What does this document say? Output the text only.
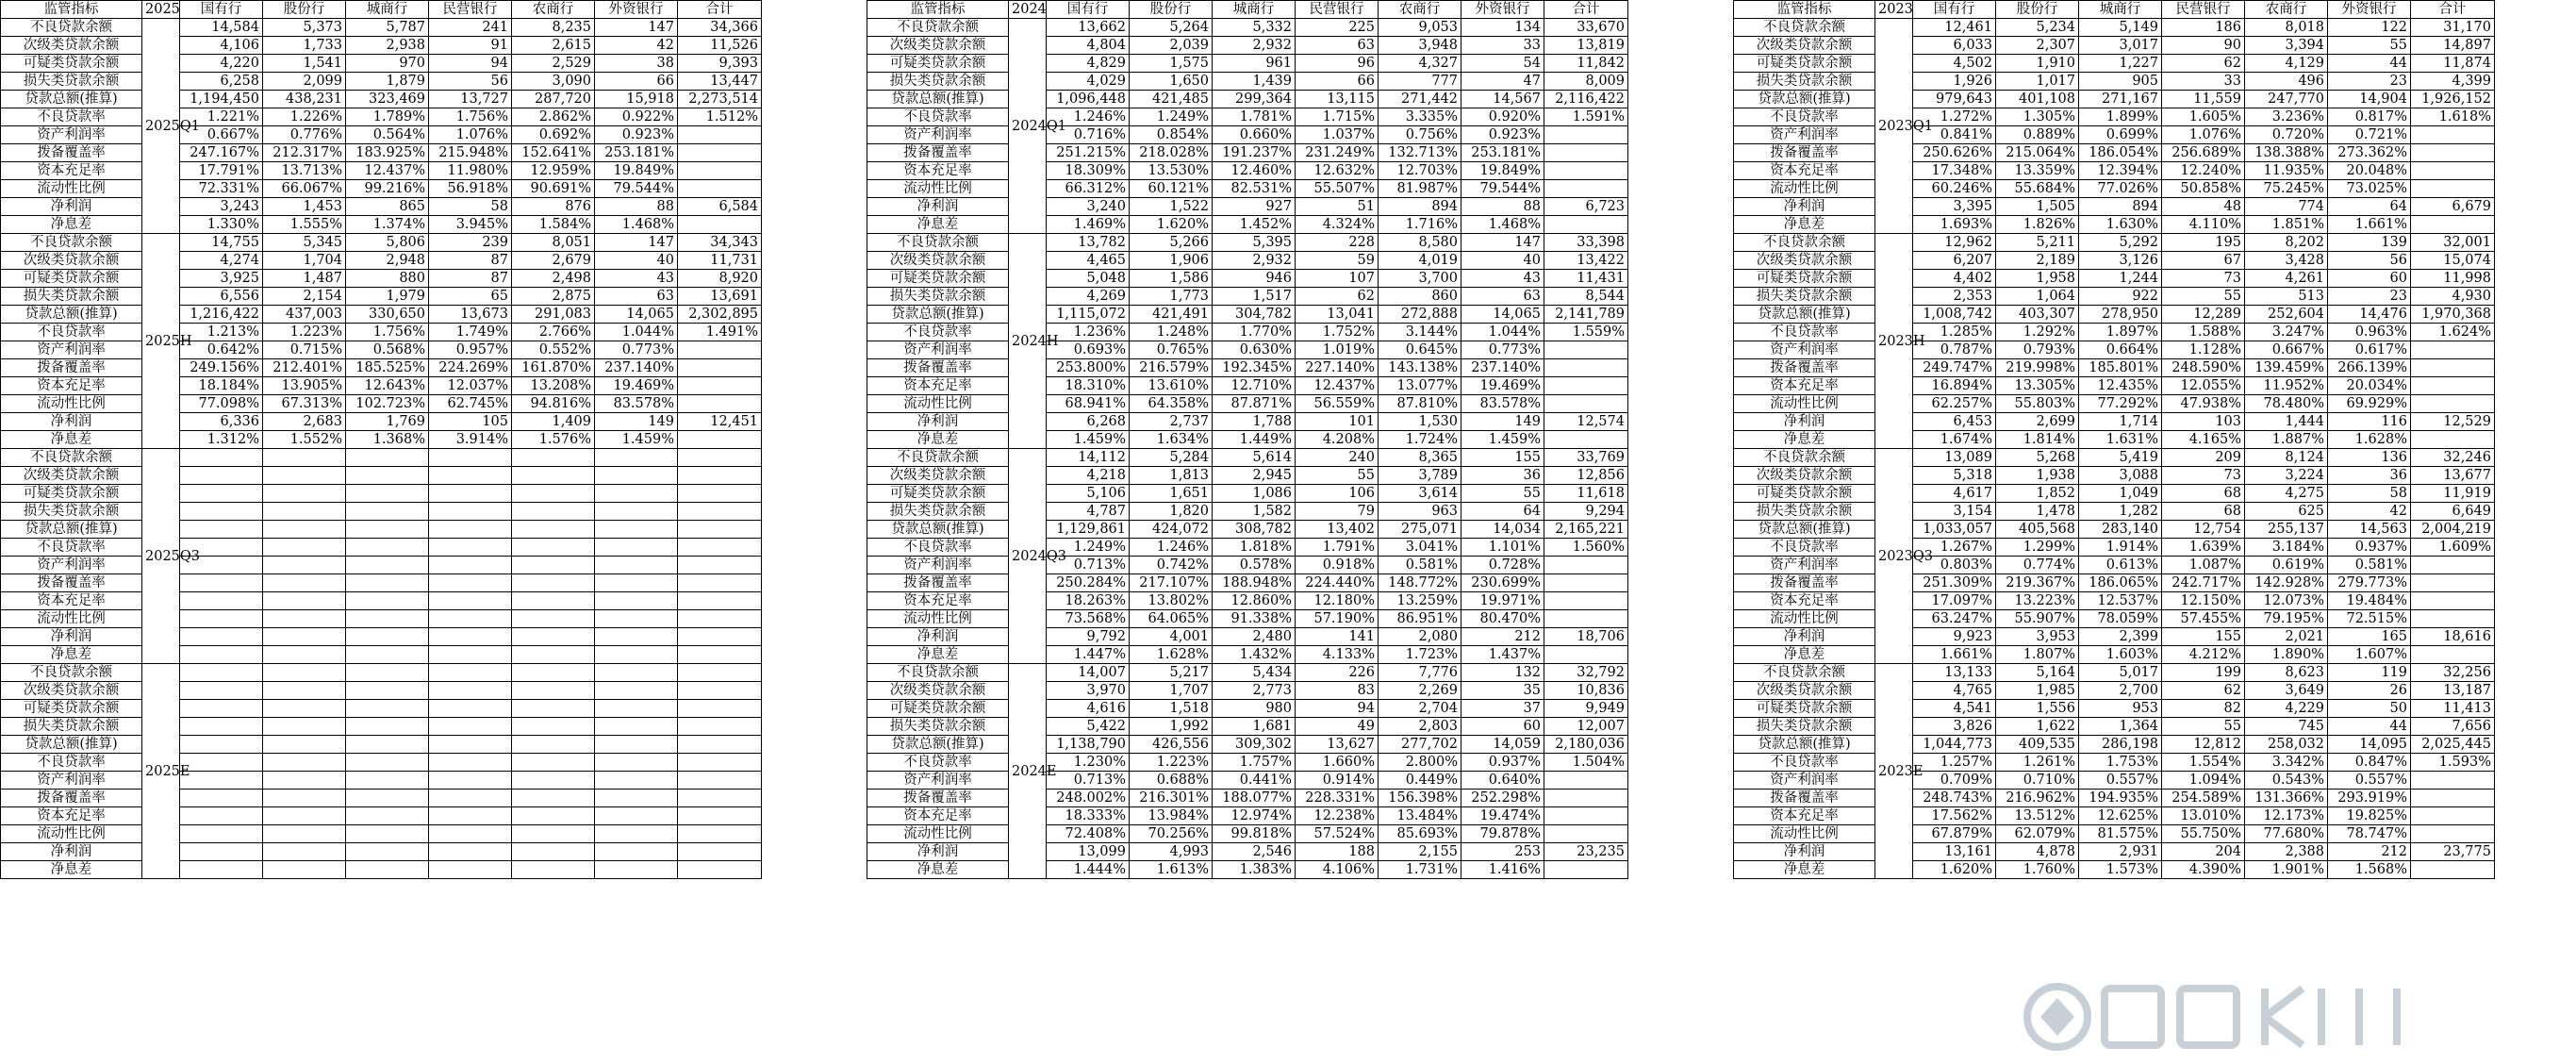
监管指标	2025	国有行	股份行	城商行	民营银行	农商行	外资银行	合计
不良贷款余额	2025Q1	14,584	5,373	5,787	241	8,235	147	34,366
次级类贷款余额		4,106	1,733	2,938	91	2,615	42	11,526
可疑类贷款余额		4,220	1,541	970	94	2,529	38	9,393
损失类贷款余额		6,258	2,099	1,879	56	3,090	66	13,447
贷款总额(推算)		1,194,450	438,231	323,469	13,727	287,720	15,918	2,273,514
不良贷款率		1.221%	1.226%	1.789%	1.756%	2.862%	0.922%	1.512%
资产利润率		0.667%	0.776%	0.564%	1.076%	0.692%	0.923%	
拨备覆盖率		247.167%	212.317%	183.925%	215.948%	152.641%	253.181%	
资本充足率		17.791%	13.713%	12.437%	11.980%	12.959%	19.849%	
流动性比例		72.331%	66.067%	99.216%	56.918%	90.691%	79.544%	
净利润		3,243	1,453	865	58	876	88	6,584
净息差		1.330%	1.555%	1.374%	3.945%	1.584%	1.468%	
不良贷款余额	2025H	14,755	5,345	5,806	239	8,051	147	34,343
次级类贷款余额		4,274	1,704	2,948	87	2,679	40	11,731
可疑类贷款余额		3,925	1,487	880	87	2,498	43	8,920
损失类贷款余额		6,556	2,154	1,979	65	2,875	63	13,691
贷款总额(推算)		1,216,422	437,003	330,650	13,673	291,083	14,065	2,302,895
不良贷款率		1.213%	1.223%	1.756%	1.749%	2.766%	1.044%	1.491%
资产利润率		0.642%	0.715%	0.568%	0.957%	0.552%	0.773%	
拨备覆盖率		249.156%	212.401%	185.525%	224.269%	161.870%	237.140%	
资本充足率		18.184%	13.905%	12.643%	12.037%	13.208%	19.469%	
流动性比例		77.098%	67.313%	102.723%	62.745%	94.816%	83.578%	
净利润		6,336	2,683	1,769	105	1,409	149	12,451
净息差		1.312%	1.552%	1.368%	3.914%	1.576%	1.459%	
不良贷款余额	2025Q3							
次级类贷款余额								
可疑类贷款余额								
损失类贷款余额								
贷款总额(推算)								
不良贷款率								
资产利润率								
拨备覆盖率								
资本充足率								
流动性比例								
净利润								
净息差								
不良贷款余额	2025E							
次级类贷款余额								
可疑类贷款余额								
损失类贷款余额								
贷款总额(推算)								
不良贷款率								
资产利润率								
拨备覆盖率								
资本充足率								
流动性比例								
净利润								
净息差								
监管指标	2024	国有行	股份行	城商行	民营银行	农商行	外资银行	合计
不良贷款余额	2024Q1	13,662	5,264	5,332	225	9,053	134	33,670
次级类贷款余额		4,804	2,039	2,932	63	3,948	33	13,819
可疑类贷款余额		4,829	1,575	961	96	4,327	54	11,842
损失类贷款余额		4,029	1,650	1,439	66	777	47	8,009
贷款总额(推算)		1,096,448	421,485	299,364	13,115	271,442	14,567	2,116,422
不良贷款率		1.246%	1.249%	1.781%	1.715%	3.335%	0.920%	1.591%
资产利润率		0.716%	0.854%	0.660%	1.037%	0.756%	0.923%	
拨备覆盖率		251.215%	218.028%	191.237%	231.249%	132.713%	253.181%	
资本充足率		18.309%	13.530%	12.460%	12.632%	12.703%	19.849%	
流动性比例		66.312%	60.121%	82.531%	55.507%	81.987%	79.544%	
净利润		3,240	1,522	927	51	894	88	6,723
净息差		1.469%	1.620%	1.452%	4.324%	1.716%	1.468%	
不良贷款余额	2024H	13,782	5,266	5,395	228	8,580	147	33,398
次级类贷款余额		4,465	1,906	2,932	59	4,019	40	13,422
可疑类贷款余额		5,048	1,586	946	107	3,700	43	11,431
损失类贷款余额		4,269	1,773	1,517	62	860	63	8,544
贷款总额(推算)		1,115,072	421,491	304,782	13,041	272,888	14,065	2,141,789
不良贷款率		1.236%	1.248%	1.770%	1.752%	3.144%	1.044%	1.559%
资产利润率		0.693%	0.765%	0.630%	1.019%	0.645%	0.773%	
拨备覆盖率		253.800%	216.579%	192.345%	227.140%	143.138%	237.140%	
资本充足率		18.310%	13.610%	12.710%	12.437%	13.077%	19.469%	
流动性比例		68.941%	64.358%	87.871%	56.559%	87.810%	83.578%	
净利润		6,268	2,737	1,788	101	1,530	149	12,574
净息差		1.459%	1.634%	1.449%	4.208%	1.724%	1.459%	
不良贷款余额	2024Q3	14,112	5,284	5,614	240	8,365	155	33,769
次级类贷款余额		4,218	1,813	2,945	55	3,789	36	12,856
可疑类贷款余额		5,106	1,651	1,086	106	3,614	55	11,618
损失类贷款余额		4,787	1,820	1,582	79	963	64	9,294
贷款总额(推算)		1,129,861	424,072	308,782	13,402	275,071	14,034	2,165,221
不良贷款率		1.249%	1.246%	1.818%	1.791%	3.041%	1.101%	1.560%
资产利润率		0.713%	0.742%	0.578%	0.918%	0.581%	0.728%	
拨备覆盖率		250.284%	217.107%	188.948%	224.440%	148.772%	230.699%	
资本充足率		18.263%	13.802%	12.860%	12.180%	13.259%	19.971%	
流动性比例		73.568%	64.065%	91.338%	57.190%	86.951%	80.470%	
净利润		9,792	4,001	2,480	141	2,080	212	18,706
净息差		1.447%	1.628%	1.432%	4.133%	1.723%	1.437%	
不良贷款余额	2024E	14,007	5,217	5,434	226	7,776	132	32,792
次级类贷款余额		3,970	1,707	2,773	83	2,269	35	10,836
可疑类贷款余额		4,616	1,518	980	94	2,704	37	9,949
损失类贷款余额		5,422	1,992	1,681	49	2,803	60	12,007
贷款总额(推算)		1,138,790	426,556	309,302	13,627	277,702	14,059	2,180,036
不良贷款率		1.230%	1.223%	1.757%	1.660%	2.800%	0.937%	1.504%
资产利润率		0.713%	0.688%	0.441%	0.914%	0.449%	0.640%	
拨备覆盖率		248.002%	216.301%	188.077%	228.331%	156.398%	252.298%	
资本充足率		18.333%	13.984%	12.974%	12.238%	13.484%	19.474%	
流动性比例		72.408%	70.256%	99.818%	57.524%	85.693%	79.878%	
净利润		13,099	4,993	2,546	188	2,155	253	23,235
净息差		1.444%	1.613%	1.383%	4.106%	1.731%	1.416%	
监管指标	2023	国有行	股份行	城商行	民营银行	农商行	外资银行	合计
不良贷款余额	2023Q1	12,461	5,234	5,149	186	8,018	122	31,170
次级类贷款余额		6,033	2,307	3,017	90	3,394	55	14,897
可疑类贷款余额		4,502	1,910	1,227	62	4,129	44	11,874
损失类贷款余额		1,926	1,017	905	33	496	23	4,399
贷款总额(推算)		979,643	401,108	271,167	11,559	247,770	14,904	1,926,152
不良贷款率		1.272%	1.305%	1.899%	1.605%	3.236%	0.817%	1.618%
资产利润率		0.841%	0.889%	0.699%	1.076%	0.720%	0.721%	
拨备覆盖率		250.626%	215.064%	186.054%	256.689%	138.388%	273.362%	
资本充足率		17.348%	13.359%	12.394%	12.240%	11.935%	20.048%	
流动性比例		60.246%	55.684%	77.026%	50.858%	75.245%	73.025%	
净利润		3,395	1,505	894	48	774	64	6,679
净息差		1.693%	1.826%	1.630%	4.110%	1.851%	1.661%	
不良贷款余额	2023H	12,962	5,211	5,292	195	8,202	139	32,001
次级类贷款余额		6,207	2,189	3,126	67	3,428	56	15,074
可疑类贷款余额		4,402	1,958	1,244	73	4,261	60	11,998
损失类贷款余额		2,353	1,064	922	55	513	23	4,930
贷款总额(推算)		1,008,742	403,307	278,950	12,289	252,604	14,476	1,970,368
不良贷款率		1.285%	1.292%	1.897%	1.588%	3.247%	0.963%	1.624%
资产利润率		0.787%	0.793%	0.664%	1.128%	0.667%	0.617%	
拨备覆盖率		249.747%	219.998%	185.801%	248.590%	139.459%	266.139%	
资本充足率		16.894%	13.305%	12.435%	12.055%	11.952%	20.034%	
流动性比例		62.257%	55.803%	77.292%	47.938%	78.480%	69.929%	
净利润		6,453	2,699	1,714	103	1,444	116	12,529
净息差		1.674%	1.814%	1.631%	4.165%	1.887%	1.628%	
不良贷款余额	2023Q3	13,089	5,268	5,419	209	8,124	136	32,246
次级类贷款余额		5,318	1,938	3,088	73	3,224	36	13,677
可疑类贷款余额		4,617	1,852	1,049	68	4,275	58	11,919
损失类贷款余额		3,154	1,478	1,282	68	625	42	6,649
贷款总额(推算)		1,033,057	405,568	283,140	12,754	255,137	14,563	2,004,219
不良贷款率		1.267%	1.299%	1.914%	1.639%	3.184%	0.937%	1.609%
资产利润率		0.803%	0.774%	0.613%	1.087%	0.619%	0.581%	
拨备覆盖率		251.309%	219.367%	186.065%	242.717%	142.928%	279.773%	
资本充足率		17.097%	13.223%	12.537%	12.150%	12.073%	19.484%	
流动性比例		63.247%	55.907%	78.059%	57.455%	79.195%	72.515%	
净利润		9,923	3,953	2,399	155	2,021	165	18,616
净息差		1.661%	1.807%	1.603%	4.212%	1.890%	1.607%	
不良贷款余额	2023E	13,133	5,164	5,017	199	8,623	119	32,256
次级类贷款余额		4,765	1,985	2,700	62	3,649	26	13,187
可疑类贷款余额		4,541	1,556	953	82	4,229	50	11,413
损失类贷款余额		3,826	1,622	1,364	55	745	44	7,656
贷款总额(推算)		1,044,773	409,535	286,198	12,812	258,032	14,095	2,025,445
不良贷款率		1.257%	1.261%	1.753%	1.554%	3.342%	0.847%	1.593%
资产利润率		0.709%	0.710%	0.557%	1.094%	0.543%	0.557%	
拨备覆盖率		248.743%	216.962%	194.935%	254.589%	131.366%	293.919%	
资本充足率		17.562%	13.512%	12.625%	13.010%	12.173%	19.825%	
流动性比例		67.879%	62.079%	81.575%	55.750%	77.680%	78.747%	
净利润		13,161	4,878	2,931	204	2,388	212	23,775
净息差		1.620%	1.760%	1.573%	4.390%	1.901%	1.568%	
